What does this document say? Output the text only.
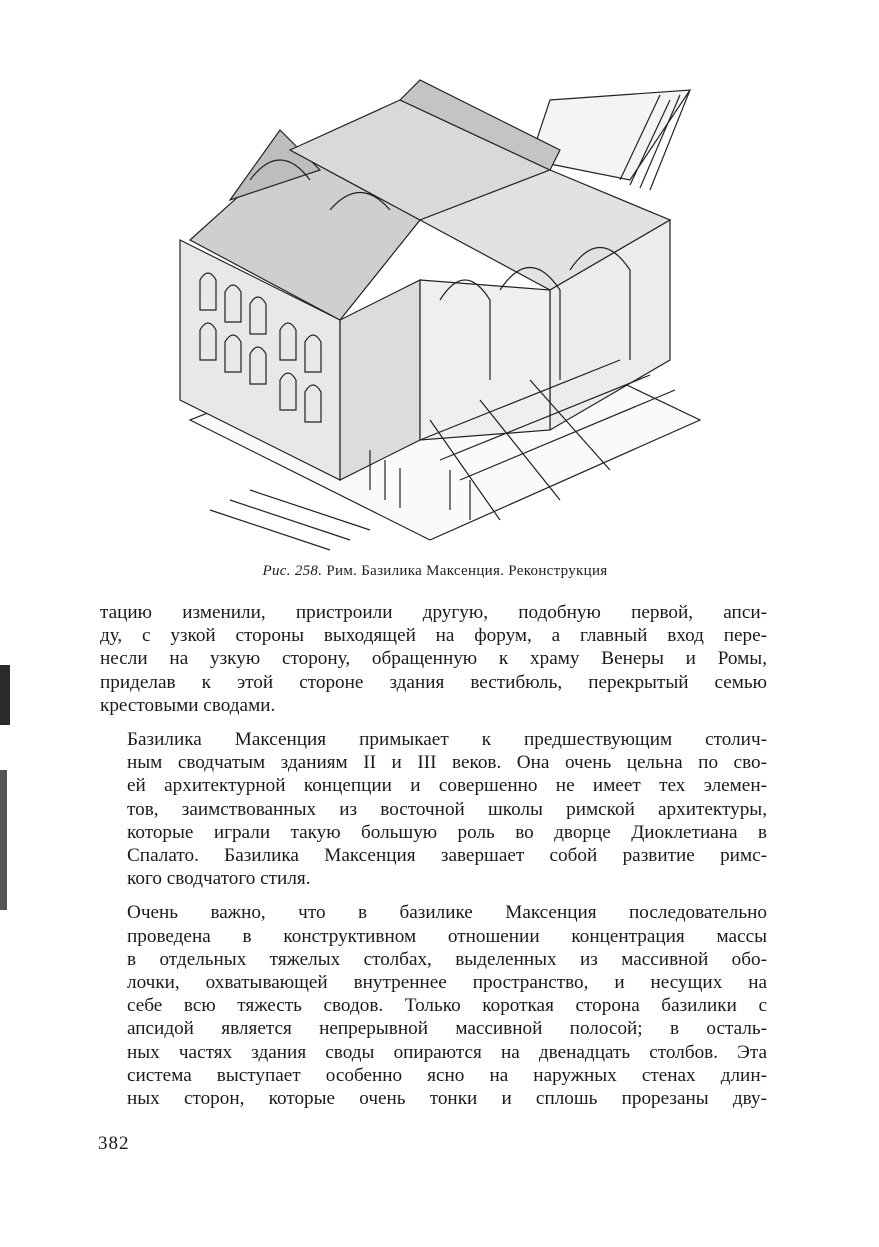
Рис. 258. Рим. Базилика Максенция. Реконструкция

тацию изменили, пристроили другую, подобную первой, апси-
ду, с узкой стороны выходящей на форум, а главный вход пере-
несли на узкую сторону, обращенную к храму Венеры и Ромы,
приделав к этой стороне здания вестибюль, перекрытый семью
крестовыми сводами.

Базилика Максенция примыкает к предшествующим столич-
ным сводчатым зданиям II и III веков. Она очень цельна по сво-
ей архитектурной концепции и совершенно не имеет тех элемен-
тов, заимствованных из восточной школы римской архитектуры,
которые играли такую большую роль во дворце Диоклетиана в
Спалато. Базилика Максенция завершает собой развитие римс-
кого сводчатого стиля.

Очень важно, что в базилике Максенция последовательно
проведена в конструктивном отношении концентрация массы
в отдельных тяжелых столбах, выделенных из массивной обо-
лочки, охватывающей внутреннее пространство, и несущих на
себе всю тяжесть сводов. Только короткая сторона базилики с
апсидой является непрерывной массивной полосой; в осталь-
ных частях здания своды опираются на двенадцать столбов. Эта
система выступает особенно ясно на наружных стенах длин-
ных сторон, которые очень тонки и сплошь прорезаны дву-

382
